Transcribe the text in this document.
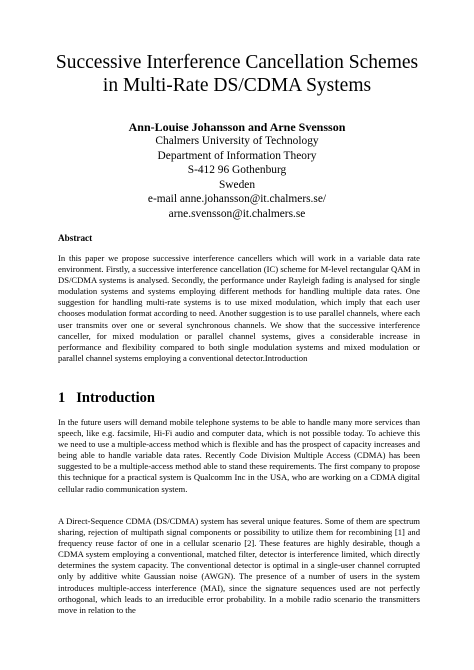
Successive Interference Cancellation Schemes
in Multi-Rate DS/CDMA Systems
Ann-Louise Johansson and Arne Svensson
Chalmers University of Technology
Department of Information Theory
S-412 96 Gothenburg
Sweden
e-mail anne.johansson@it.chalmers.se/
arne.svensson@it.chalmers.se
Abstract
In this paper we propose successive interference cancellers which will work in a variable data rate environment. Firstly, a successive interference cancellation (IC) scheme for M-level rectangular QAM in DS/CDMA systems is analysed. Secondly, the performance under Rayleigh fading is analysed for single modulation systems and systems employing different methods for handling multiple data rates. One suggestion for handling multi-rate systems is to use mixed modulation, which imply that each user chooses modulation format according to need. Another suggestion is to use parallel channels, where each user transmits over one or several synchronous channels. We show that the successive interference canceller, for mixed modulation or parallel channel systems, gives a considerable increase in performance and flexibility compared to both single modulation systems and mixed modulation or parallel channel systems employing a conventional detector.Introduction
1 Introduction
In the future users will demand mobile telephone systems to be able to handle many more services than speech, like e.g. facsimile, Hi-Fi audio and computer data, which is not possible today. To achieve this we need to use a multiple-access method which is flexible and has the prospect of capacity increases and being able to handle variable data rates. Recently Code Division Multiple Access (CDMA) has been suggested to be a multiple-access method able to stand these requirements. The first company to propose this technique for a practical system is Qualcomm Inc in the USA, who are working on a CDMA digital cellular radio communication system.
A Direct-Sequence CDMA (DS/CDMA) system has several unique features. Some of them are spectrum sharing, rejection of multipath signal components or possibility to utilize them for recombining [1] and frequency reuse factor of one in a cellular scenario [2]. These features are highly desirable, though a CDMA system employing a conventional, matched filter, detector is interference limited, which directly determines the system capacity. The conventional detector is optimal in a single-user channel corrupted only by additive white Gaussian noise (AWGN). The presence of a number of users in the system introduces multiple-access interference (MAI), since the signature sequences used are not perfectly orthogonal, which leads to an irreducible error probability. In a mobile radio scenario the transmitters move in relation to the
